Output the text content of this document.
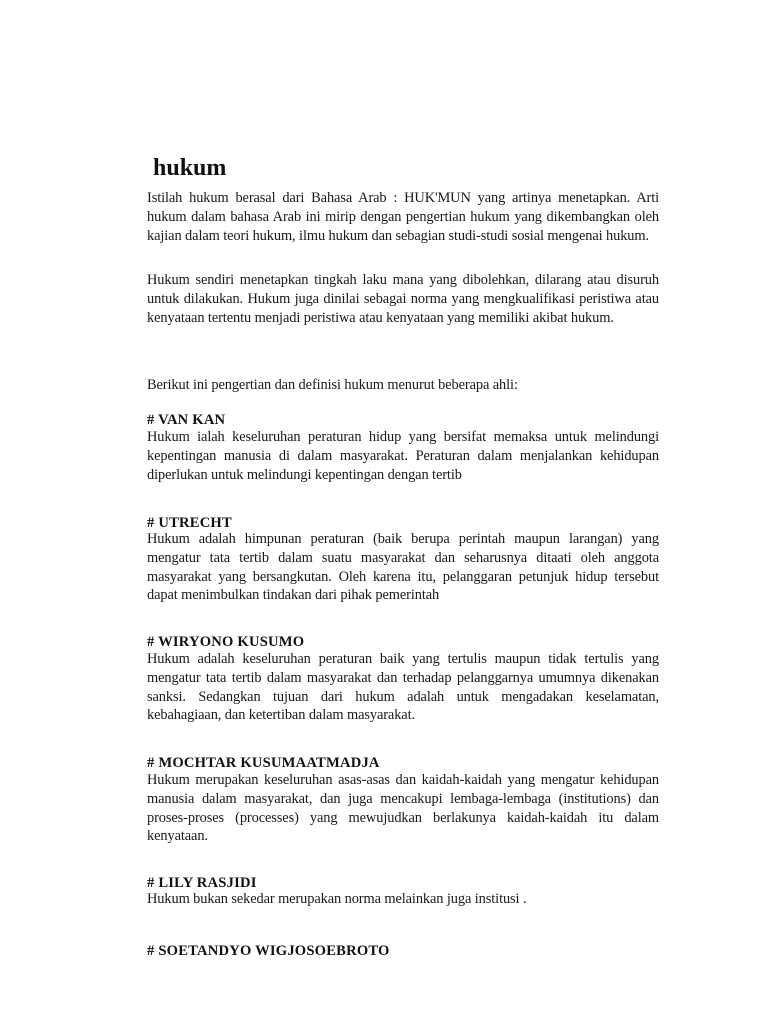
hukum

Istilah hukum berasal dari Bahasa Arab : HUK'MUN yang artinya menetapkan. Arti hukum dalam bahasa Arab ini mirip dengan pengertian hukum yang dikembangkan oleh kajian dalam teori hukum, ilmu hukum dan sebagian studi-studi sosial mengenai hukum.

Hukum sendiri menetapkan tingkah laku mana yang dibolehkan, dilarang atau disuruh untuk dilakukan. Hukum juga dinilai sebagai norma yang mengkualifikasi peristiwa atau kenyataan tertentu menjadi peristiwa atau kenyataan yang memiliki akibat hukum.

Berikut ini pengertian dan definisi hukum menurut beberapa ahli:

# VAN KAN

Hukum ialah keseluruhan peraturan hidup yang bersifat memaksa untuk melindungi kepentingan manusia di dalam masyarakat. Peraturan dalam menjalankan kehidupan diperlukan untuk melindungi kepentingan dengan tertib

# UTRECHT

Hukum adalah himpunan peraturan (baik berupa perintah maupun larangan) yang mengatur tata tertib dalam suatu masyarakat dan seharusnya ditaati oleh anggota masyarakat yang bersangkutan. Oleh karena itu, pelanggaran petunjuk hidup tersebut dapat menimbulkan tindakan dari pihak pemerintah

# WIRYONO KUSUMO

Hukum adalah keseluruhan peraturan baik yang tertulis maupun tidak tertulis yang mengatur tata tertib dalam masyarakat dan terhadap pelanggarnya umumnya dikenakan sanksi. Sedangkan tujuan dari hukum adalah untuk mengadakan keselamatan, kebahagiaan, dan ketertiban dalam masyarakat.

# MOCHTAR KUSUMAATMADJA

Hukum merupakan keseluruhan asas-asas dan kaidah-kaidah yang mengatur kehidupan manusia dalam masyarakat, dan juga mencakupi lembaga-lembaga (institutions) dan proses-proses (processes) yang mewujudkan berlakunya kaidah-kaidah itu dalam kenyataan.

# LILY RASJIDI

Hukum bukan sekedar merupakan norma melainkan juga institusi .

# SOETANDYO WIGJOSOEBROTO
